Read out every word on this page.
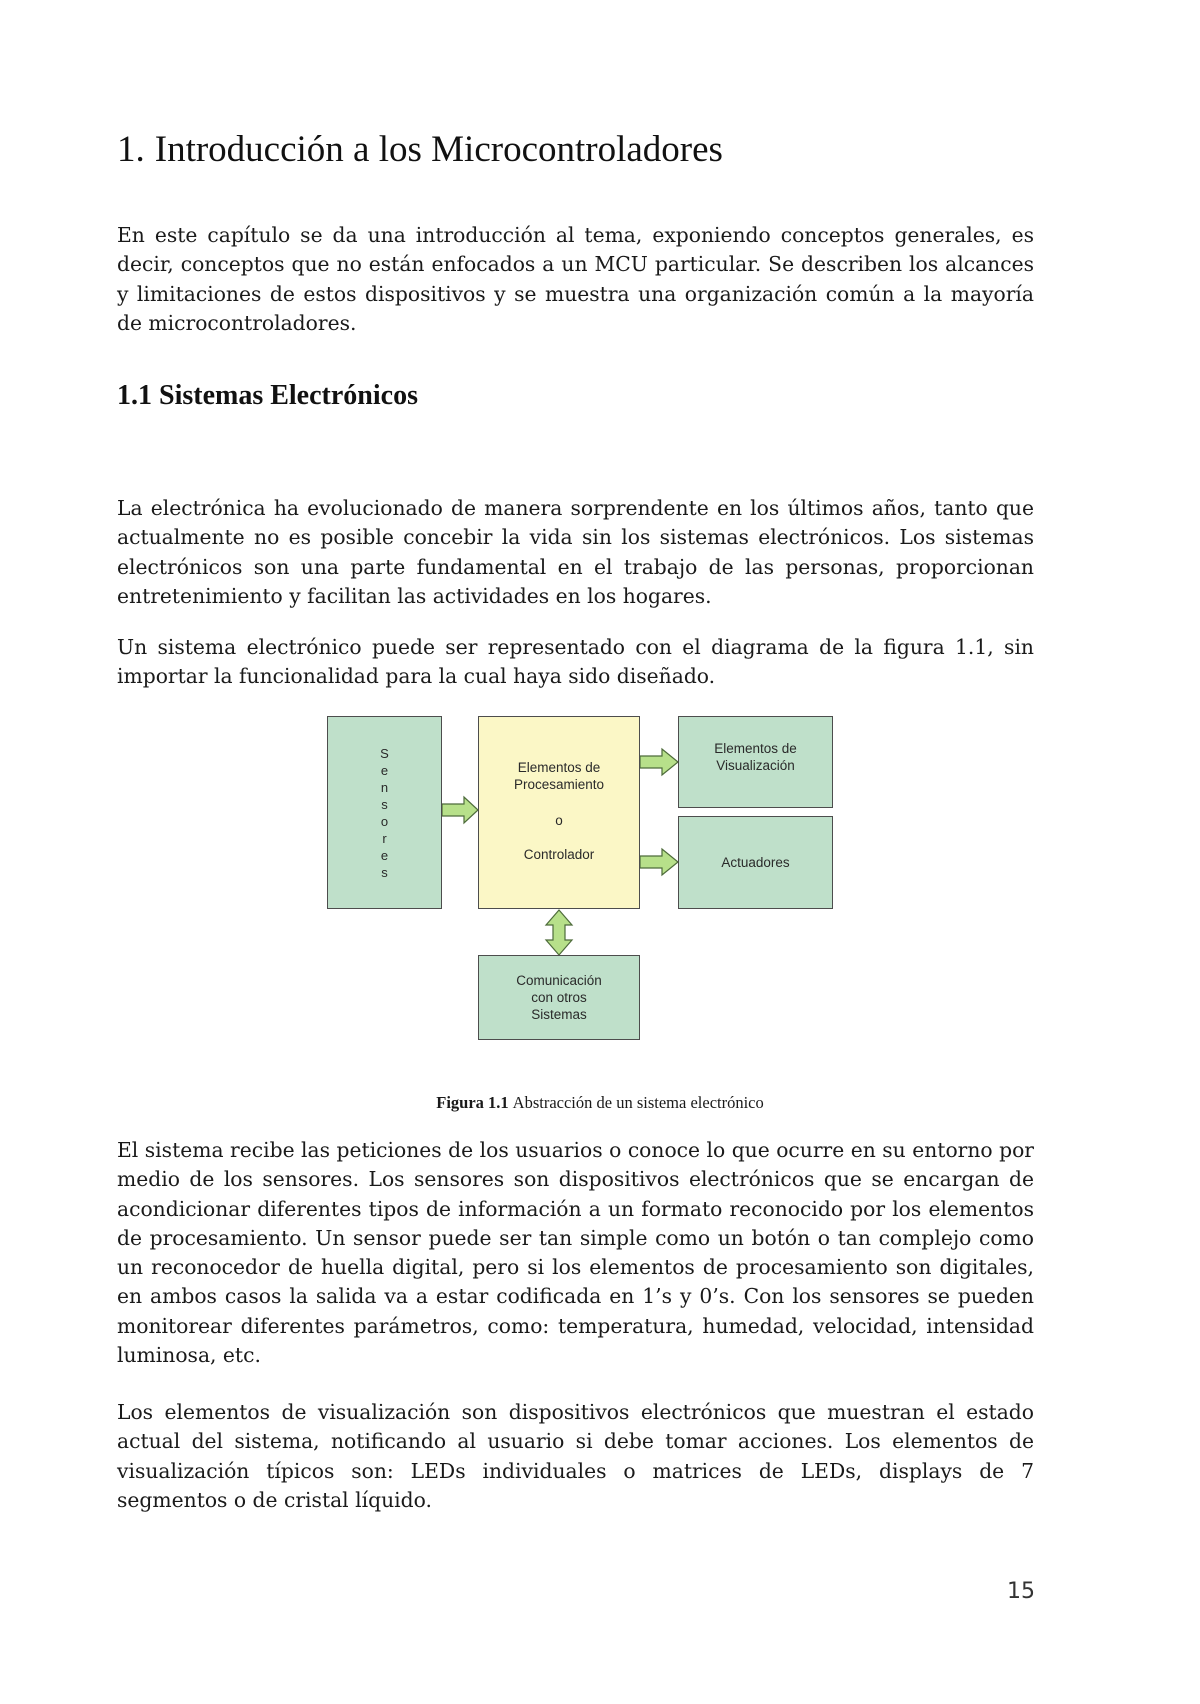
1. Introducción a los Microcontroladores

En este capítulo se da una introducción al tema, exponiendo conceptos generales, es decir, conceptos que no están enfocados a un MCU particular. Se describen los alcances y limitaciones de estos dispositivos y se muestra una organización común a la mayoría de microcontroladores.

1.1 Sistemas Electrónicos

La electrónica ha evolucionado de manera sorprendente en los últimos años, tanto que actualmente no es posible concebir la vida sin los sistemas electrónicos. Los sistemas electrónicos son una parte fundamental en el trabajo de las personas, proporcionan entretenimiento y facilitan las actividades en los hogares.

Un sistema electrónico puede ser representado con el diagrama de la figura 1.1, sin importar la funcionalidad para la cual haya sido diseñado.

S
e
n
s
o
r
e
s
Elementos de
Procesamiento
o
Controlador
Elementos de
Visualización
Actuadores
Comunicación
con otros
Sistemas
Figura 1.1 Abstracción de un sistema electrónico

El sistema recibe las peticiones de los usuarios o conoce lo que ocurre en su entorno por medio de los sensores. Los sensores son dispositivos electrónicos que se encargan de acondicionar diferentes tipos de información a un formato reconocido por los elementos de procesamiento. Un sensor puede ser tan simple como un botón o tan complejo como un reconocedor de huella digital, pero si los elementos de procesamiento son digitales, en ambos casos la salida va a estar codificada en 1’s y 0’s. Con los sensores se pueden monitorear diferentes parámetros, como: temperatura, humedad, velocidad, intensidad luminosa, etc.

Los elementos de visualización son dispositivos electrónicos que muestran el estado actual del sistema, notificando al usuario si debe tomar acciones. Los elementos de visualización típicos son: LEDs individuales o matrices de LEDs, displays de 7 segmentos o de cristal líquido.

15
